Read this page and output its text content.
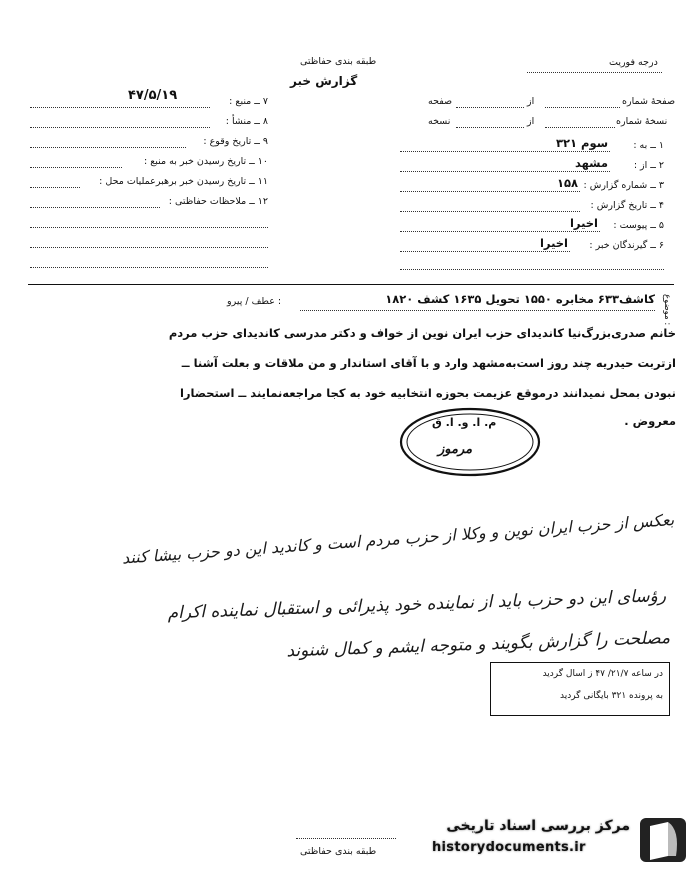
طبقه بندی حفاظتی
گزارش خبر
درجه فوریت
۷ ــ منبع :
۴۷/۵/۱۹
۸ ــ منشأ :
۹ ــ تاریخ وقوع :
۱۰ ــ تاریخ رسیدن خبر به منبع :
۱۱ ــ تاریخ رسیدن خبر برهبرعملیات محل :
۱۲ ــ ملاحظات حفاظتی :
صفحهٔ شماره
از
صفحه
نسخهٔ شماره
از
نسخه
۱ ــ به :
سوم ۳۲۱
۲ ــ از :
مشهد
۳ ــ شماره گزارش :
۱۵۸
۴ ــ تاریخ گزارش :
۵ ــ پیوست :
اخیرا
۶ ــ گیرندگان خبر :
اخیرا
عطف / پیرو :	کاشف۶۳۳ مخابره ۱۵۵۰ تحویل ۱۶۳۵ کشف ۱۸۲۰ موضوع :
خانم صدری‌بزرگ‌نیا کاندیدای حزب ایران نوین از خواف و دکتر مدرسی کاندیدای حزب مردم
ازتربت حیدریه چند روز است‌به‌مشهد وارد و با آقای استاندار و من ملاقات و بعلت آشنا ــ
نبودن بمحل نمیدانند درموقع عزیمت بحوزه انتخابیه خود به کجا مراجعه‌نمایند ــ استحضارا
معروض .
م. ا. و. ا. ق
مرموز
بعکس از حزب ایران نوین و وکلا از حزب مردم است و کاندید این دو حزب بیشا کنند
رؤسای این دو حزب باید از نماینده خود پذیرائی و استقبال نماینده اکرام
مصلحت را گزارش بگویند و متوجه ایشم و کمال شنوند
در ساعه ۲۱/۷/ ۴۷ ز اسال گردید
به پرونده ۳۲۱ بایگانی گردید
طبقه بندی حفاظتی
مرکز بررسی اسناد تاریخی
historydocuments.ir
